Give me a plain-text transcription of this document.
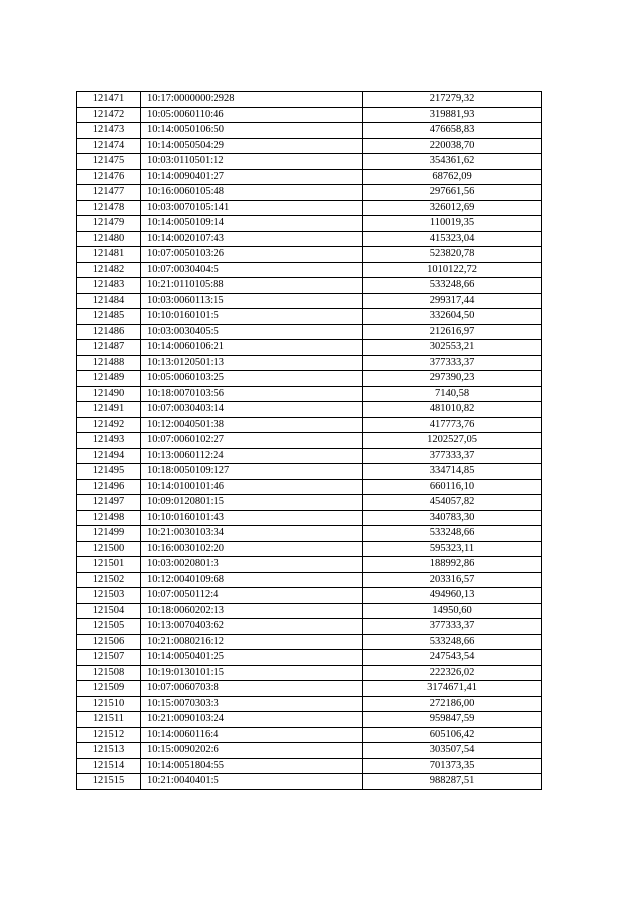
121471	10:17:0000000:2928	217279,32
121472	10:05:0060110:46	319881,93
121473	10:14:0050106:50	476658,83
121474	10:14:0050504:29	220038,70
121475	10:03:0110501:12	354361,62
121476	10:14:0090401:27	68762,09
121477	10:16:0060105:48	297661,56
121478	10:03:0070105:141	326012,69
121479	10:14:0050109:14	110019,35
121480	10:14:0020107:43	415323,04
121481	10:07:0050103:26	523820,78
121482	10:07:0030404:5	1010122,72
121483	10:21:0110105:88	533248,66
121484	10:03:0060113:15	299317,44
121485	10:10:0160101:5	332604,50
121486	10:03:0030405:5	212616,97
121487	10:14:0060106:21	302553,21
121488	10:13:0120501:13	377333,37
121489	10:05:0060103:25	297390,23
121490	10:18:0070103:56	7140,58
121491	10:07:0030403:14	481010,82
121492	10:12:0040501:38	417773,76
121493	10:07:0060102:27	1202527,05
121494	10:13:0060112:24	377333,37
121495	10:18:0050109:127	334714,85
121496	10:14:0100101:46	660116,10
121497	10:09:0120801:15	454057,82
121498	10:10:0160101:43	340783,30
121499	10:21:0030103:34	533248,66
121500	10:16:0030102:20	595323,11
121501	10:03:0020801:3	188992,86
121502	10:12:0040109:68	203316,57
121503	10:07:0050112:4	494960,13
121504	10:18:0060202:13	14950,60
121505	10:13:0070403:62	377333,37
121506	10:21:0080216:12	533248,66
121507	10:14:0050401:25	247543,54
121508	10:19:0130101:15	222326,02
121509	10:07:0060703:8	3174671,41
121510	10:15:0070303:3	272186,00
121511	10:21:0090103:24	959847,59
121512	10:14:0060116:4	605106,42
121513	10:15:0090202:6	303507,54
121514	10:14:0051804:55	701373,35
121515	10:21:0040401:5	988287,51
